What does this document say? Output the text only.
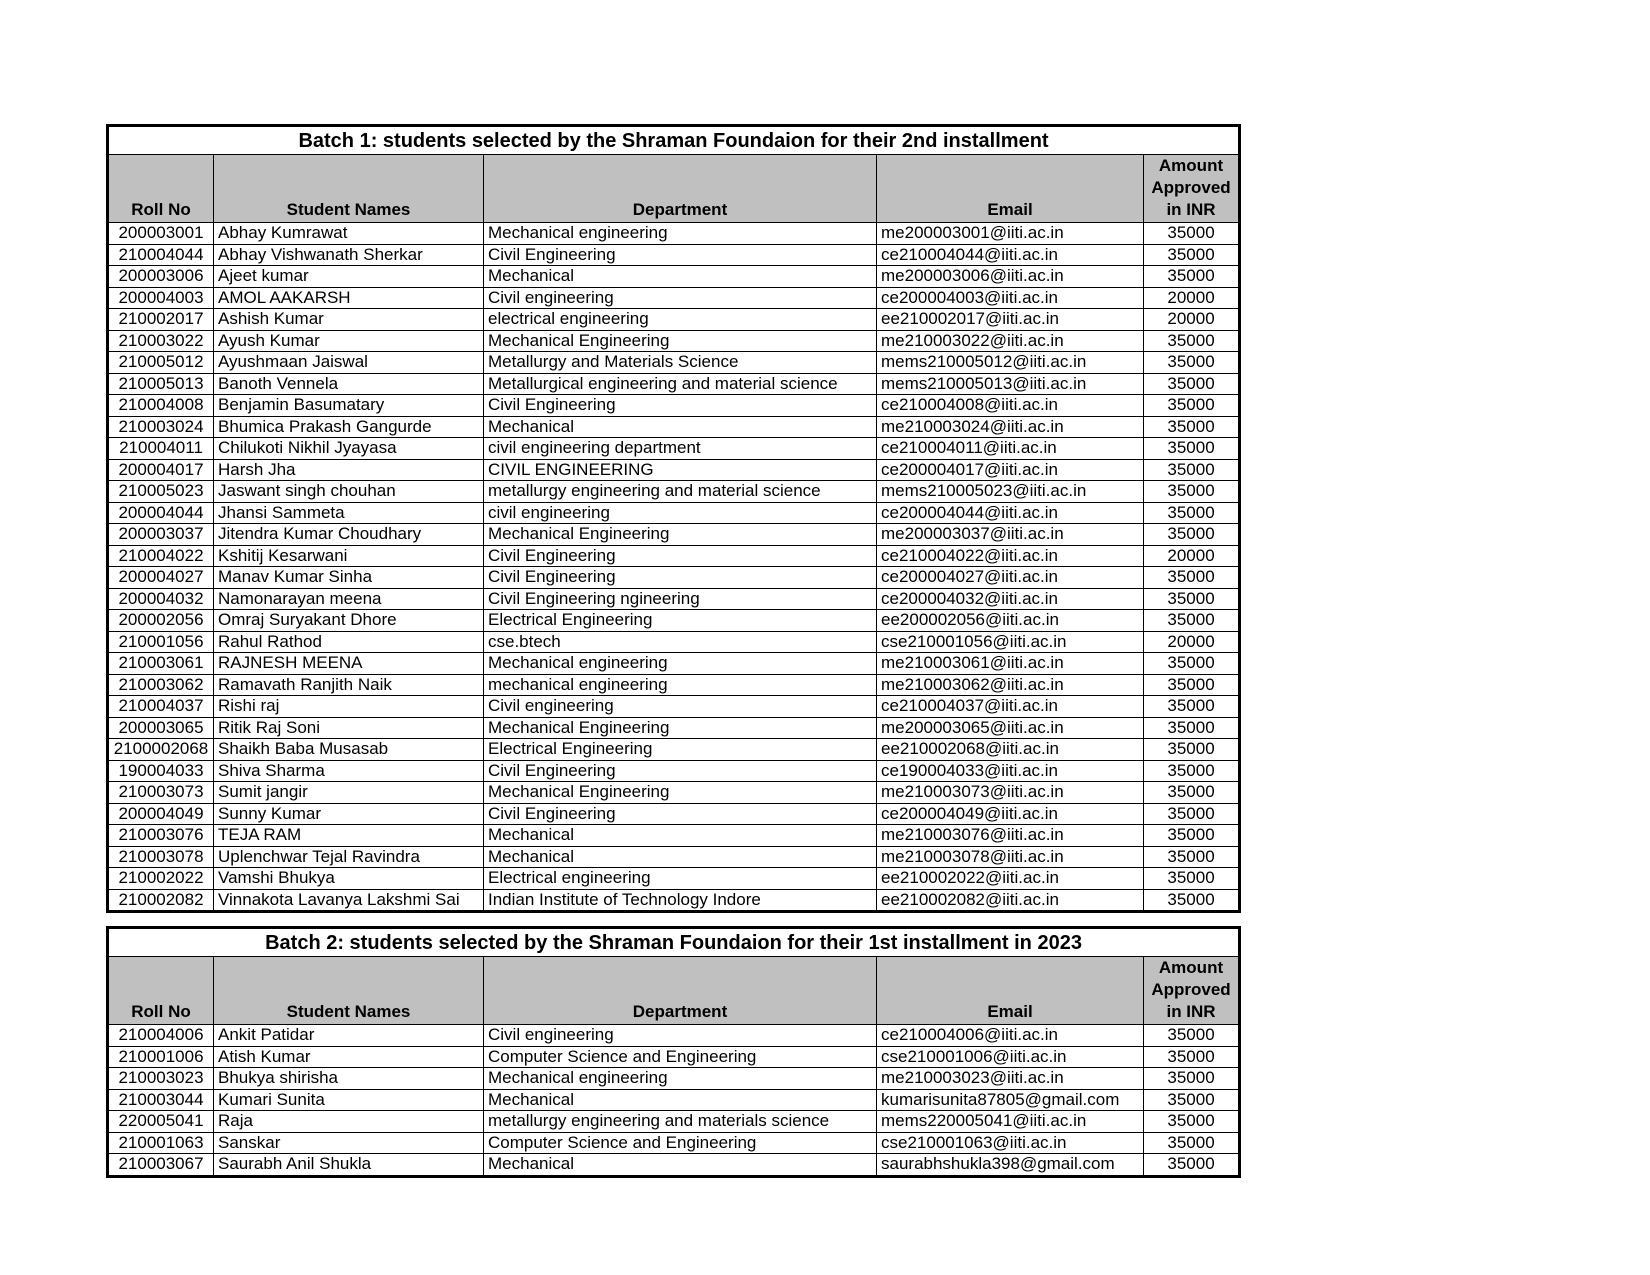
Batch 1: students selected by the Shraman Foundaion for their 2nd installment				
Roll No	Student Names	Department	Email	Amount Approved in INR
200003001	Abhay Kumrawat	Mechanical engineering	me200003001@iiti.ac.in	35000
210004044	Abhay Vishwanath Sherkar	Civil Engineering	ce210004044@iiti.ac.in	35000
200003006	Ajeet kumar	Mechanical	me200003006@iiti.ac.in	35000
200004003	AMOL AAKARSH	Civil engineering	ce200004003@iiti.ac.in	20000
210002017	Ashish Kumar	electrical engineering	ee210002017@iiti.ac.in	20000
210003022	Ayush Kumar	Mechanical Engineering	me210003022@iiti.ac.in	35000
210005012	Ayushmaan Jaiswal	Metallurgy and Materials Science	mems210005012@iiti.ac.in	35000
210005013	Banoth Vennela	Metallurgical engineering and material science	mems210005013@iiti.ac.in	35000
210004008	Benjamin Basumatary	Civil Engineering	ce210004008@iiti.ac.in	35000
210003024	Bhumica Prakash Gangurde	Mechanical	me210003024@iiti.ac.in	35000
210004011	Chilukoti Nikhil Jyayasa	civil engineering department	ce210004011@iiti.ac.in	35000
200004017	Harsh Jha	CIVIL ENGINEERING	ce200004017@iiti.ac.in	35000
210005023	Jaswant singh chouhan	metallurgy engineering and material science	mems210005023@iiti.ac.in	35000
200004044	Jhansi Sammeta	civil engineering	ce200004044@iiti.ac.in	35000
200003037	Jitendra Kumar Choudhary	Mechanical Engineering	me200003037@iiti.ac.in	35000
210004022	Kshitij Kesarwani	Civil Engineering	ce210004022@iiti.ac.in	20000
200004027	Manav Kumar Sinha	Civil Engineering	ce200004027@iiti.ac.in	35000
200004032	Namonarayan meena	Civil Engineering ngineering	ce200004032@iiti.ac.in	35000
200002056	Omraj Suryakant Dhore	Electrical Engineering	ee200002056@iiti.ac.in	35000
210001056	Rahul Rathod	cse.btech	cse210001056@iiti.ac.in	20000
210003061	RAJNESH MEENA	Mechanical engineering	me210003061@iiti.ac.in	35000
210003062	Ramavath Ranjith Naik	mechanical engineering	me210003062@iiti.ac.in	35000
210004037	Rishi raj	Civil engineering	ce210004037@iiti.ac.in	35000
200003065	Ritik Raj Soni	Mechanical Engineering	me200003065@iiti.ac.in	35000
2100002068	Shaikh Baba Musasab	Electrical Engineering	ee210002068@iiti.ac.in	35000
190004033	Shiva Sharma	Civil Engineering	ce190004033@iiti.ac.in	35000
210003073	Sumit jangir	Mechanical Engineering	me210003073@iiti.ac.in	35000
200004049	Sunny Kumar	Civil Engineering	ce200004049@iiti.ac.in	35000
210003076	TEJA RAM	Mechanical	me210003076@iiti.ac.in	35000
210003078	Uplenchwar Tejal Ravindra	Mechanical	me210003078@iiti.ac.in	35000
210002022	Vamshi Bhukya	Electrical engineering	ee210002022@iiti.ac.in	35000
210002082	Vinnakota Lavanya Lakshmi Sai	Indian Institute of Technology Indore	ee210002082@iiti.ac.in	35000
Batch 2: students selected by the Shraman Foundaion for their 1st installment in 2023				
Roll No	Student Names	Department	Email	Amount Approved in INR
210004006	Ankit Patidar	Civil engineering	ce210004006@iiti.ac.in	35000
210001006	Atish Kumar	Computer Science and Engineering	cse210001006@iiti.ac.in	35000
210003023	Bhukya shirisha	Mechanical engineering	me210003023@iiti.ac.in	35000
210003044	Kumari Sunita	Mechanical	kumarisunita87805@gmail.com	35000
220005041	Raja	metallurgy engineering and materials science	mems220005041@iiti.ac.in	35000
210001063	Sanskar	Computer Science and Engineering	cse210001063@iiti.ac.in	35000
210003067	Saurabh Anil Shukla	Mechanical	saurabhshukla398@gmail.com	35000
